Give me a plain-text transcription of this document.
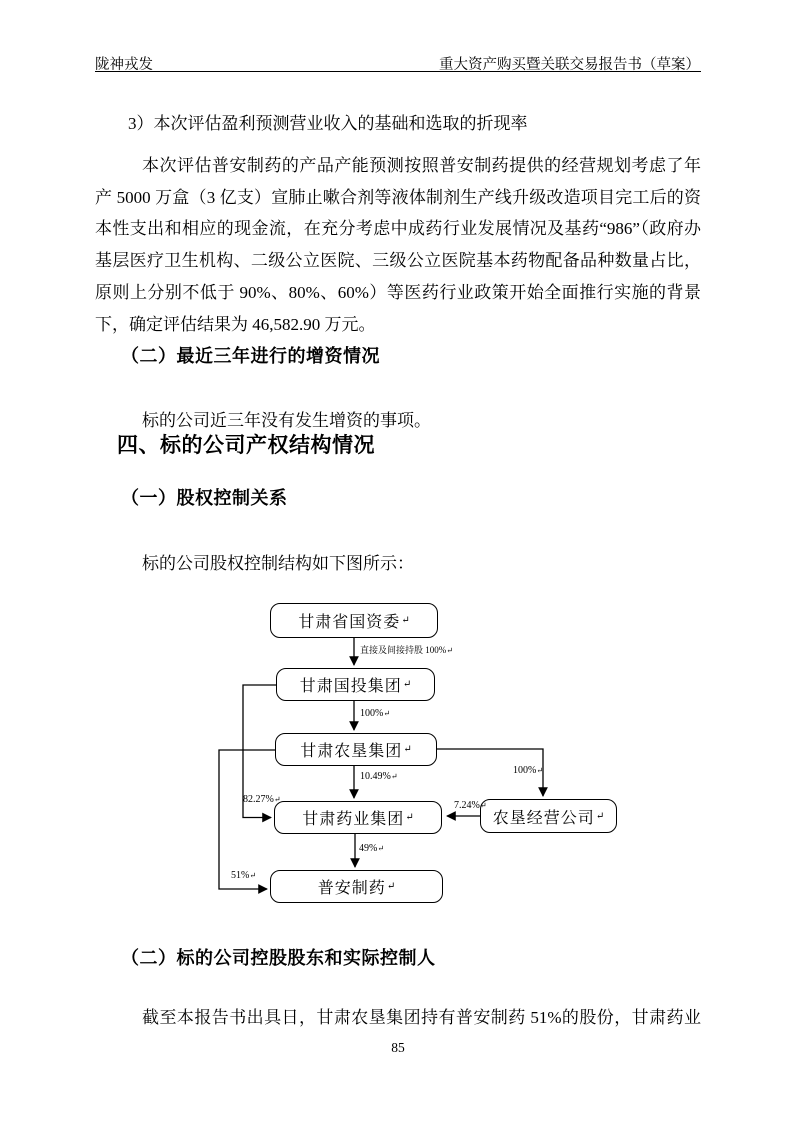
陇神戎发	重大资产购买暨关联交易报告书（草案）

3）本次评估盈利预测营业收入的基础和选取的折现率

本次评估普安制药的产品产能预测按照普安制药提供的经营规划考虑了年产 5000 万盒（3 亿支）宣肺止嗽合剂等液体制剂生产线升级改造项目完工后的资本性支出和相应的现金流，在充分考虑中成药行业发展情况及基药“986”（政府办基层医疗卫生机构、二级公立医院、三级公立医院基本药物配备品种数量占比，原则上分别不低于 90%、80%、60%）等医药行业政策开始全面推行实施的背景下，确定评估结果为 46,582.90 万元。

（二）最近三年进行的增资情况

标的公司近三年没有发生增资的事项。

四、标的公司产权结构情况
（一）股权控制关系

标的公司股权控制结构如下图所示：

甘肃省国资委 ↵
甘肃国投集团 ↵
甘肃农垦集团 ↵
甘肃药业集团 ↵
普安制药 ↵
农垦经营公司 ↵
直接及间接持股 100%↵
100%↵
10.49%↵
82.27%↵
49%↵
51%↵
7.24%↵
100%↵
（二）标的公司控股股东和实际控制人

截至本报告书出具日，甘肃农垦集团持有普安制药 51%的股份，甘肃药业

85
